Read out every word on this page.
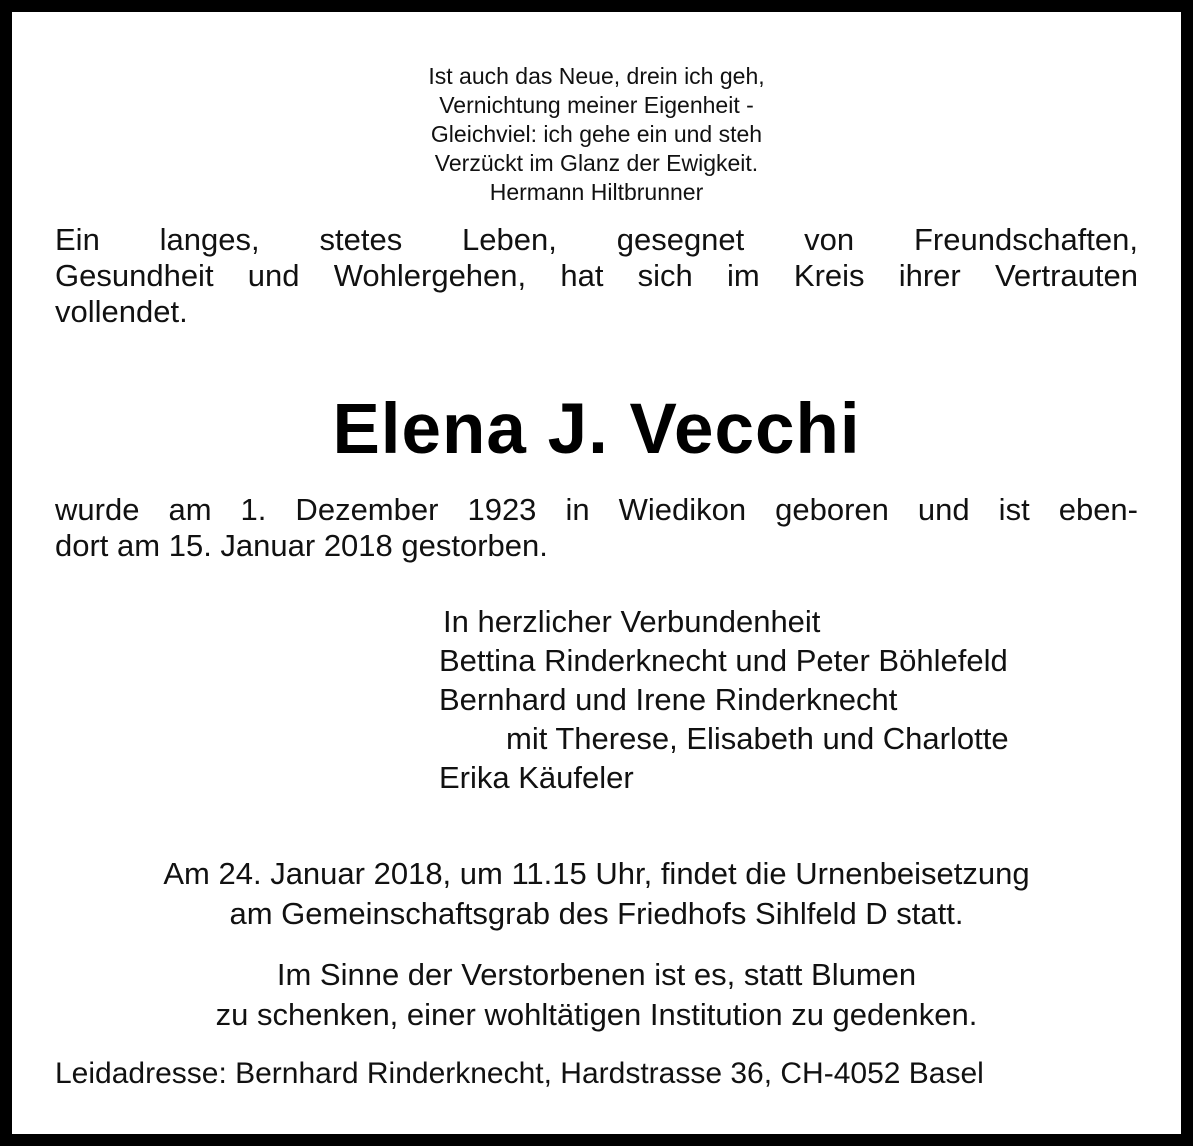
Ist auch das Neue, drein ich geh,
Vernichtung meiner Eigenheit -
Gleichviel: ich gehe ein und steh
Verzückt im Glanz der Ewigkeit.
Hermann Hiltbrunner
Ein langes, stetes Leben, gesegnet von Freundschaften,
Gesundheit und Wohlergehen, hat sich im Kreis ihrer Vertrauten
vollendet.
Elena J. Vecchi
wurde am 1. Dezember 1923 in Wiedikon geboren und ist eben-
dort am 15. Januar 2018 gestorben.
In herzlicher Verbundenheit
Bettina Rinderknecht und Peter Böhlefeld
Bernhard und Irene Rinderknecht
mit Therese, Elisabeth und Charlotte
Erika Käufeler
Am 24. Januar 2018, um 11.15 Uhr, findet die Urnenbeisetzung
am Gemeinschaftsgrab des Friedhofs Sihlfeld D statt.
Im Sinne der Verstorbenen ist es, statt Blumen
zu schenken, einer wohltätigen Institution zu gedenken.
Leidadresse: Bernhard Rinderknecht, Hardstrasse 36, CH-4052 Basel
